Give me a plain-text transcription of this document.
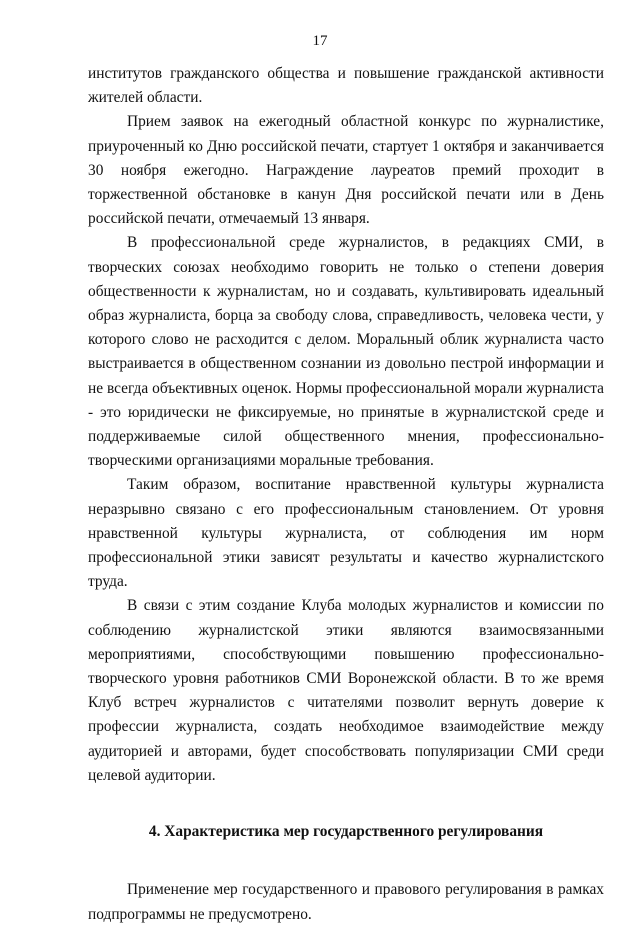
17

институтов гражданского общества и повышение гражданской активности жителей области.

Прием заявок на ежегодный областной конкурс по журналистике, приуроченный ко Дню российской печати, стартует 1 октября и заканчивается 30 ноября ежегодно. Награждение лауреатов премий проходит в торжественной обстановке в канун Дня российской печати или в День российской печати, отмечаемый 13 января.

В профессиональной среде журналистов, в редакциях СМИ, в творческих союзах необходимо говорить не только о степени доверия общественности к журналистам, но и создавать, культивировать идеальный образ журналиста, борца за свободу слова, справедливость, человека чести, у которого слово не расходится с делом. Моральный облик журналиста часто выстраивается в общественном сознании из довольно пестрой информации и не всегда объективных оценок. Нормы профессиональной морали журналиста - это юридически не фиксируемые, но принятые в журналистской среде и поддерживаемые силой общественного мнения, профессионально-творческими организациями моральные требования.

Таким образом, воспитание нравственной культуры журналиста неразрывно связано с его профессиональным становлением. От уровня нравственной культуры журналиста, от соблюдения им норм профессиональной этики зависят результаты и качество журналистского труда.

В связи с этим создание Клуба молодых журналистов и комиссии по соблюдению журналистской этики являются взаимосвязанными мероприятиями, способствующими повышению профессионально-творческого уровня работников СМИ Воронежской области. В то же время Клуб встреч журналистов с читателями позволит вернуть доверие к профессии журналиста, создать необходимое взаимодействие между аудиторией и авторами, будет способствовать популяризации СМИ среди целевой аудитории.

4. Характеристика мер государственного регулирования

Применение мер государственного и правового регулирования в рамках подпрограммы не предусмотрено.
